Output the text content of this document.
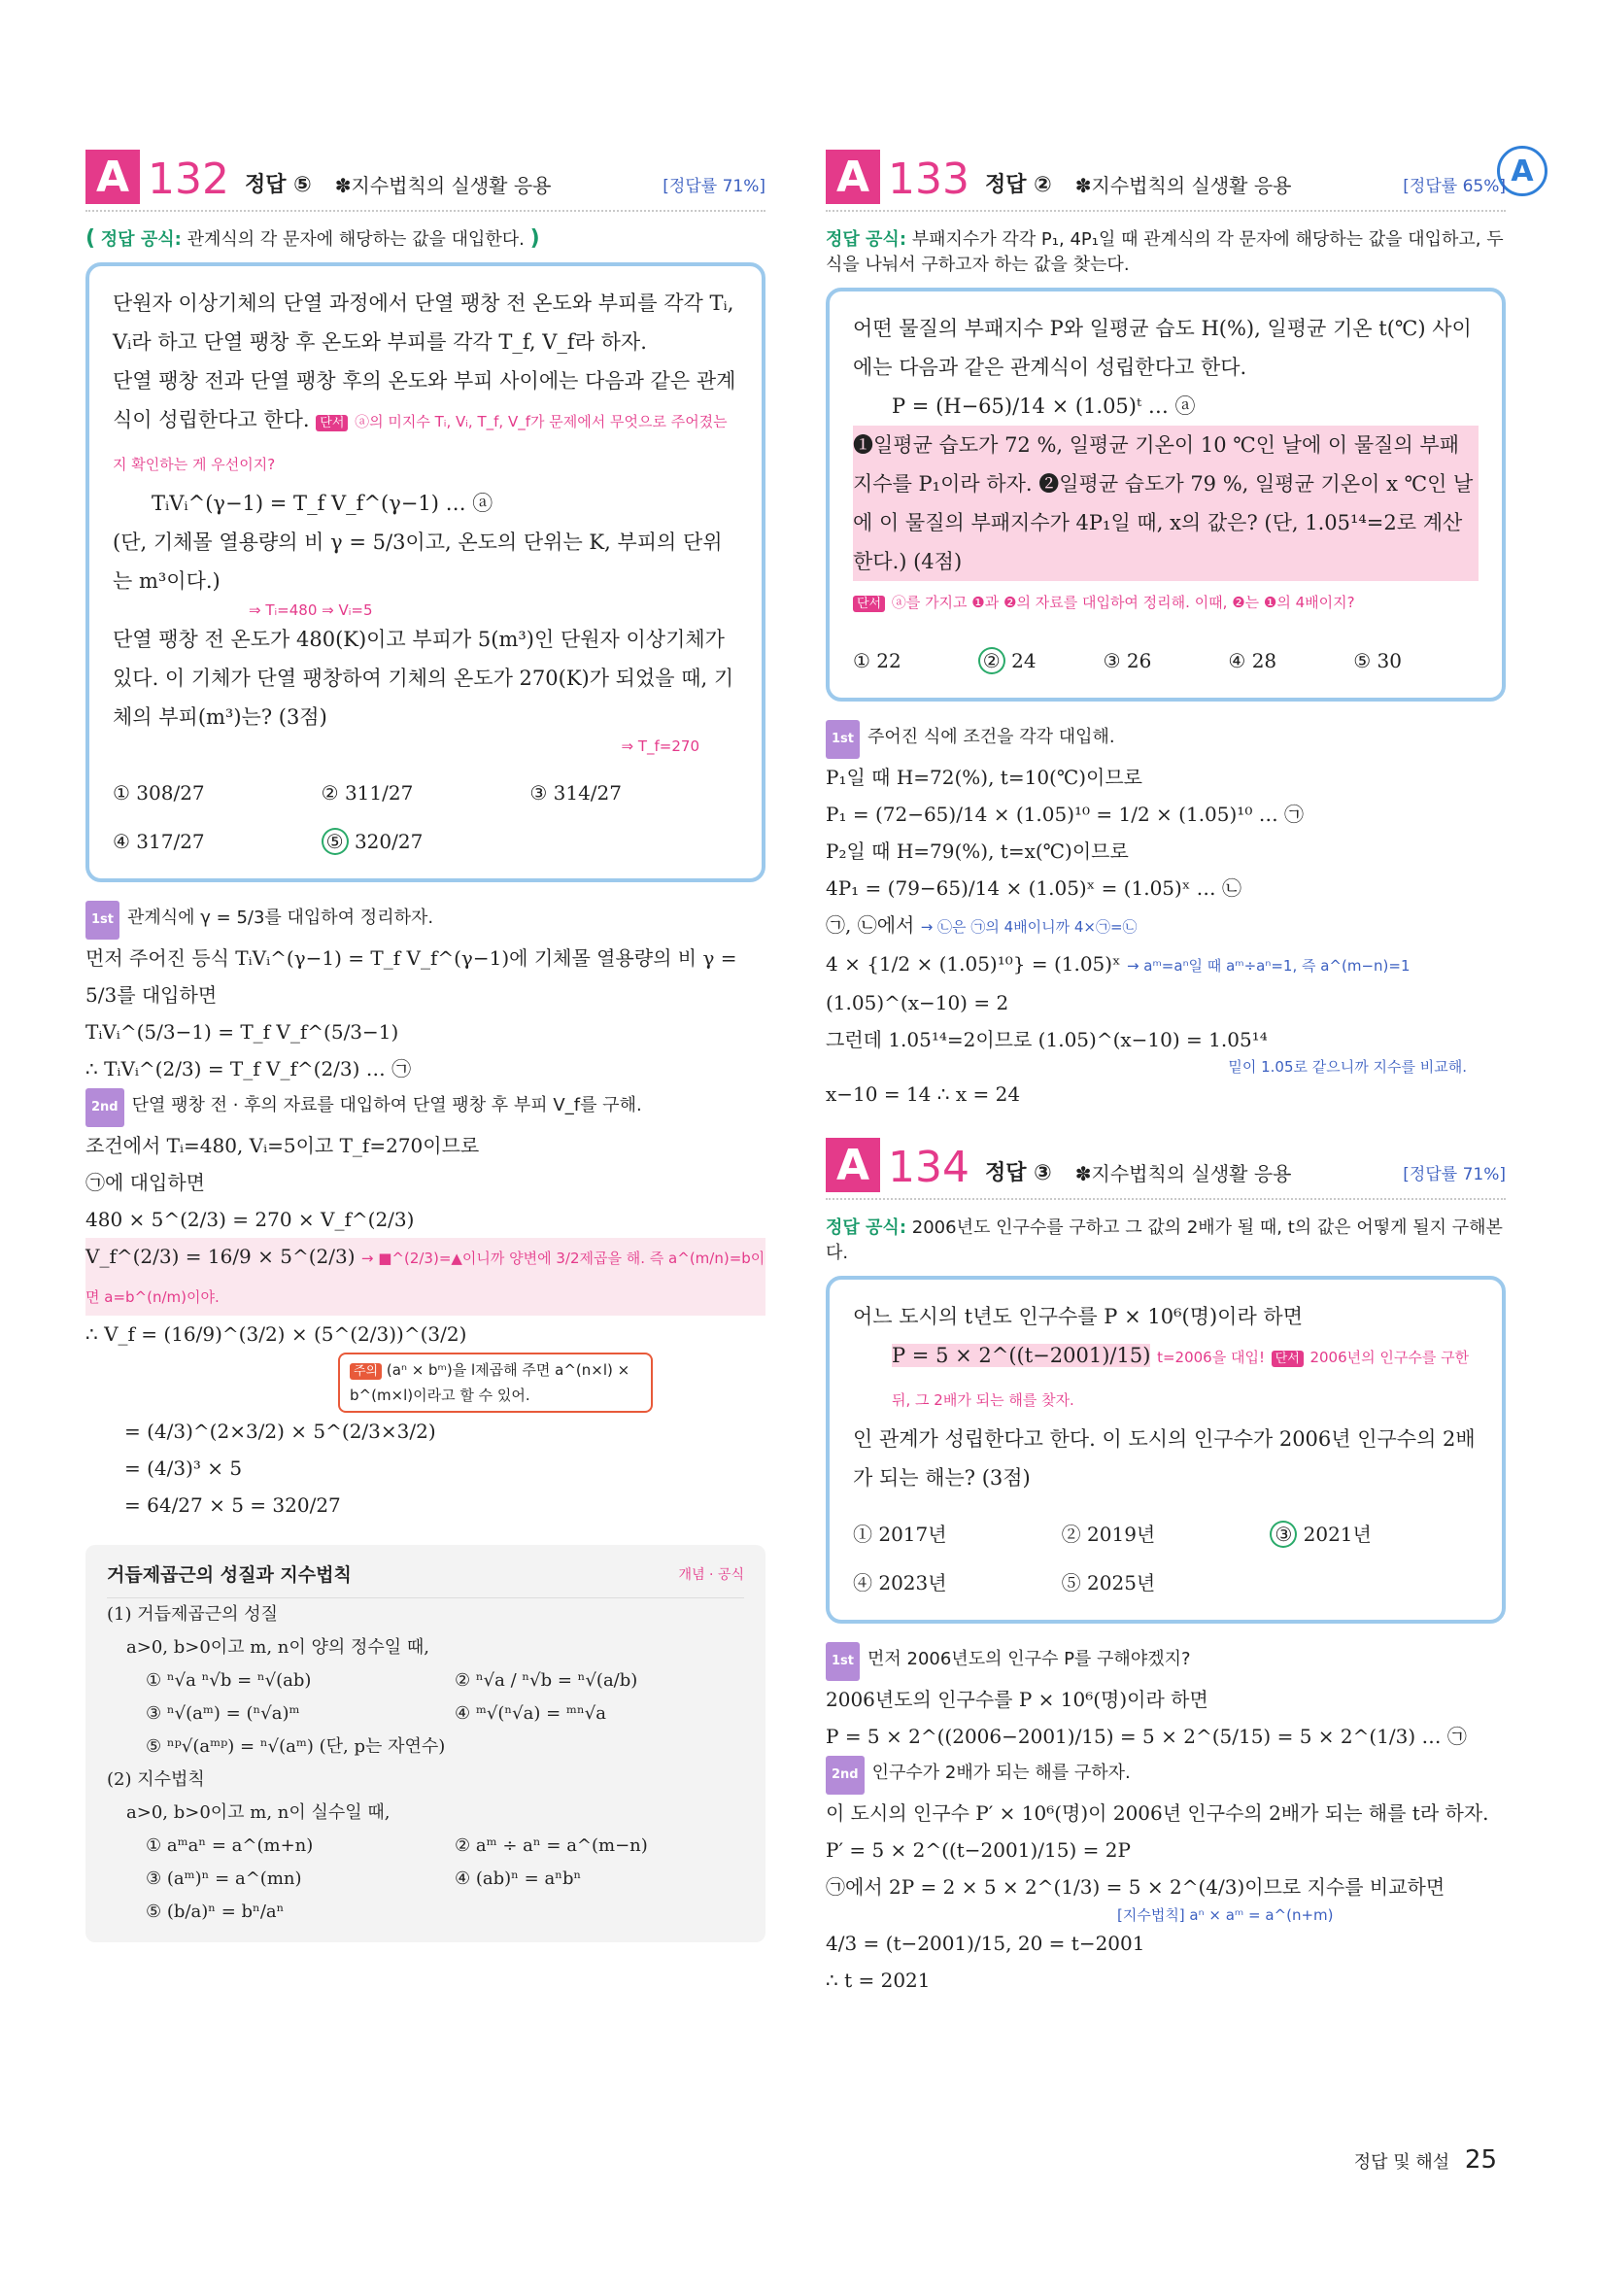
A
A 132 정답 ⑤ ✽지수법칙의 실생활 응용	[정답률 71%]
( 정답 공식: 관계식의 각 문자에 해당하는 값을 대입한다. )
단원자 이상기체의 단열 과정에서 단열 팽창 전 온도와 부피를 각각 Tᵢ, Vᵢ라 하고 단열 팽창 후 온도와 부피를 각각 T_f, V_f라 하자.
단열 팽창 전과 단열 팽창 후의 온도와 부피 사이에는 다음과 같은 관계식이 성립한다고 한다. 단서 ⓐ의 미지수 Tᵢ, Vᵢ, T_f, V_f가 문제에서 무엇으로 주어졌는지 확인하는 게 우선이지?
TᵢVᵢ^(γ−1) = T_f V_f^(γ−1) … ⓐ
(단, 기체몰 열용량의 비 γ = 5/3이고, 온도의 단위는 K, 부피의 단위는 m³이다.)
⇒ Tᵢ=480 ⇒ Vᵢ=5
단열 팽창 전 온도가 480(K)이고 부피가 5(m³)인 단원자 이상기체가 있다. 이 기체가 단열 팽창하여 기체의 온도가 270(K)가 되었을 때, 기체의 부피(m³)는? (3점)
⇒ T_f=270
① 308/27	② 311/27	③ 314/27
④ 317/27	⑤ 320/27
1st 관계식에 γ = 5/3를 대입하여 정리하자.
먼저 주어진 등식 TᵢVᵢ^(γ−1) = T_f V_f^(γ−1)에 기체몰 열용량의 비 γ = 5/3를 대입하면
TᵢVᵢ^(5/3−1) = T_f V_f^(5/3−1)
∴ TᵢVᵢ^(2/3) = T_f V_f^(2/3) … ㉠
2nd 단열 팽창 전 · 후의 자료를 대입하여 단열 팽창 후 부피 V_f를 구해.
조건에서 Tᵢ=480, Vᵢ=5이고 T_f=270이므로
㉠에 대입하면
480 × 5^(2/3) = 270 × V_f^(2/3)
V_f^(2/3) = 16/9 × 5^(2/3) → ■^(2/3)=▲이니까 양변에 3/2제곱을 해. 즉 a^(m/n)=b이면 a=b^(n/m)이야.
∴ V_f = (16/9)^(3/2) × (5^(2/3))^(3/2)
주의 (aⁿ × bᵐ)을 l제곱해 주면 a^(n×l) × b^(m×l)이라고 할 수 있어.
= (4/3)^(2×3/2) × 5^(2/3×3/2)
= (4/3)³ × 5
= 64/27 × 5 = 320/27
거듭제곱근의 성질과 지수법칙	개념 · 공식
(1) 거듭제곱근의 성질
a>0, b>0이고 m, n이 양의 정수일 때,
① ⁿ√a ⁿ√b = ⁿ√(ab)	② ⁿ√a / ⁿ√b = ⁿ√(a/b)
③ ⁿ√(aᵐ) = (ⁿ√a)ᵐ	④ ᵐ√(ⁿ√a) = ᵐⁿ√a
⑤ ⁿᵖ√(aᵐᵖ) = ⁿ√(aᵐ) (단, p는 자연수)
(2) 지수법칙
a>0, b>0이고 m, n이 실수일 때,
① aᵐaⁿ = a^(m+n)	② aᵐ ÷ aⁿ = a^(m−n)
③ (aᵐ)ⁿ = a^(mn)	④ (ab)ⁿ = aⁿbⁿ
⑤ (b/a)ⁿ = bⁿ/aⁿ
A 133 정답 ② ✽지수법칙의 실생활 응용	[정답률 65%]
정답 공식: 부패지수가 각각 P₁, 4P₁일 때 관계식의 각 문자에 해당하는 값을 대입하고, 두 식을 나눠서 구하고자 하는 값을 찾는다.
어떤 물질의 부패지수 P와 일평균 습도 H(%), 일평균 기온 t(℃) 사이에는 다음과 같은 관계식이 성립한다고 한다.
P = (H−65)/14 × (1.05)ᵗ … ⓐ
❶일평균 습도가 72 %, 일평균 기온이 10 ℃인 날에 이 물질의 부패지수를 P₁이라 하자. ❷일평균 습도가 79 %, 일평균 기온이 x ℃인 날에 이 물질의 부패지수가 4P₁일 때, x의 값은? (단, 1.05¹⁴=2로 계산한다.) (4점)
단서 ⓐ를 가지고 ❶과 ❷의 자료를 대입하여 정리해. 이때, ❷는 ❶의 4배이지?
① 22	② 24	③ 26	④ 28	⑤ 30
1st 주어진 식에 조건을 각각 대입해.
P₁일 때 H=72(%), t=10(℃)이므로
P₁ = (72−65)/14 × (1.05)¹⁰ = 1/2 × (1.05)¹⁰ … ㉠
P₂일 때 H=79(%), t=x(℃)이므로
4P₁ = (79−65)/14 × (1.05)ˣ = (1.05)ˣ … ㉡
㉠, ㉡에서 → ㉡은 ㉠의 4배이니까 4×㉠=㉡
4 × {1/2 × (1.05)¹⁰} = (1.05)ˣ → aᵐ=aⁿ일 때 aᵐ÷aⁿ=1, 즉 a^(m−n)=1
(1.05)^(x−10) = 2
그런데 1.05¹⁴=2이므로 (1.05)^(x−10) = 1.05¹⁴
밑이 1.05로 같으니까 지수를 비교해.
x−10 = 14 ∴ x = 24
A 134 정답 ③ ✽지수법칙의 실생활 응용	[정답률 71%]
정답 공식: 2006년도 인구수를 구하고 그 값의 2배가 될 때, t의 값은 어떻게 될지 구해본다.
어느 도시의 t년도 인구수를 P × 10⁶(명)이라 하면
P = 5 × 2^((t−2001)/15) t=2006을 대입! 단서 2006년의 인구수를 구한 뒤, 그 2배가 되는 해를 찾자.
인 관계가 성립한다고 한다. 이 도시의 인구수가 2006년 인구수의 2배가 되는 해는? (3점)
① 2017년	② 2019년	③ 2021년
④ 2023년	⑤ 2025년
1st 먼저 2006년도의 인구수 P를 구해야겠지?
2006년도의 인구수를 P × 10⁶(명)이라 하면
P = 5 × 2^((2006−2001)/15) = 5 × 2^(5/15) = 5 × 2^(1/3) … ㉠
2nd 인구수가 2배가 되는 해를 구하자.
이 도시의 인구수 P′ × 10⁶(명)이 2006년 인구수의 2배가 되는 해를 t라 하자.
P′ = 5 × 2^((t−2001)/15) = 2P
㉠에서 2P = 2 × 5 × 2^(1/3) = 5 × 2^(4/3)이므로 지수를 비교하면
[지수법칙] aⁿ × aᵐ = a^(n+m)
4/3 = (t−2001)/15, 20 = t−2001
∴ t = 2021
정답 및 해설 25
